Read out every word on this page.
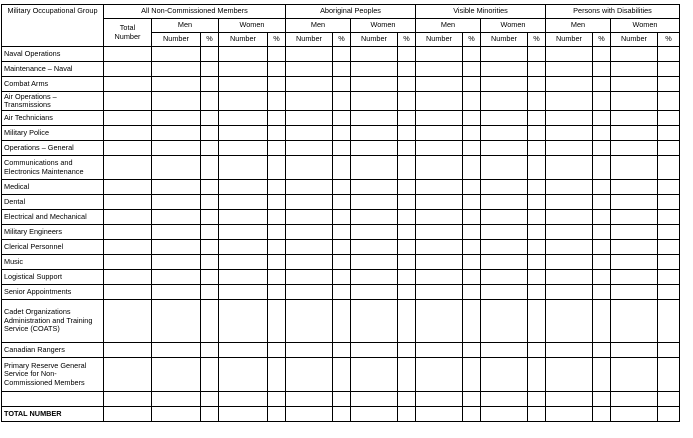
Military Occupational Group	All Non-Commissioned Members					Aboriginal Peoples				Visible Minorities				Persons with Disabilities			
	Total Number	Men		Women		Men		Women		Men		Women		Men		Women	
		Number	%	Number	%	Number	%	Number	%	Number	%	Number	%	Number	%	Number	%
Naval Operations																	
Maintenance – Naval																	
Combat Arms																	
Air Operations – Transmissions																	
Air Technicians																	
Military Police																	
Operations – General																	
Communications and Electronics Maintenance																	
Medical																	
Dental																	
Electrical and Mechanical																	
Military Engineers																	
Clerical Personnel																	
Music																	
Logistical Support																	
Senior Appointments																	
Cadet Organizations Administration and Training Service (COATS)																	
Canadian Rangers																	
Primary Reserve General Service for Non-Commissioned Members																	

TOTAL NUMBER																	
